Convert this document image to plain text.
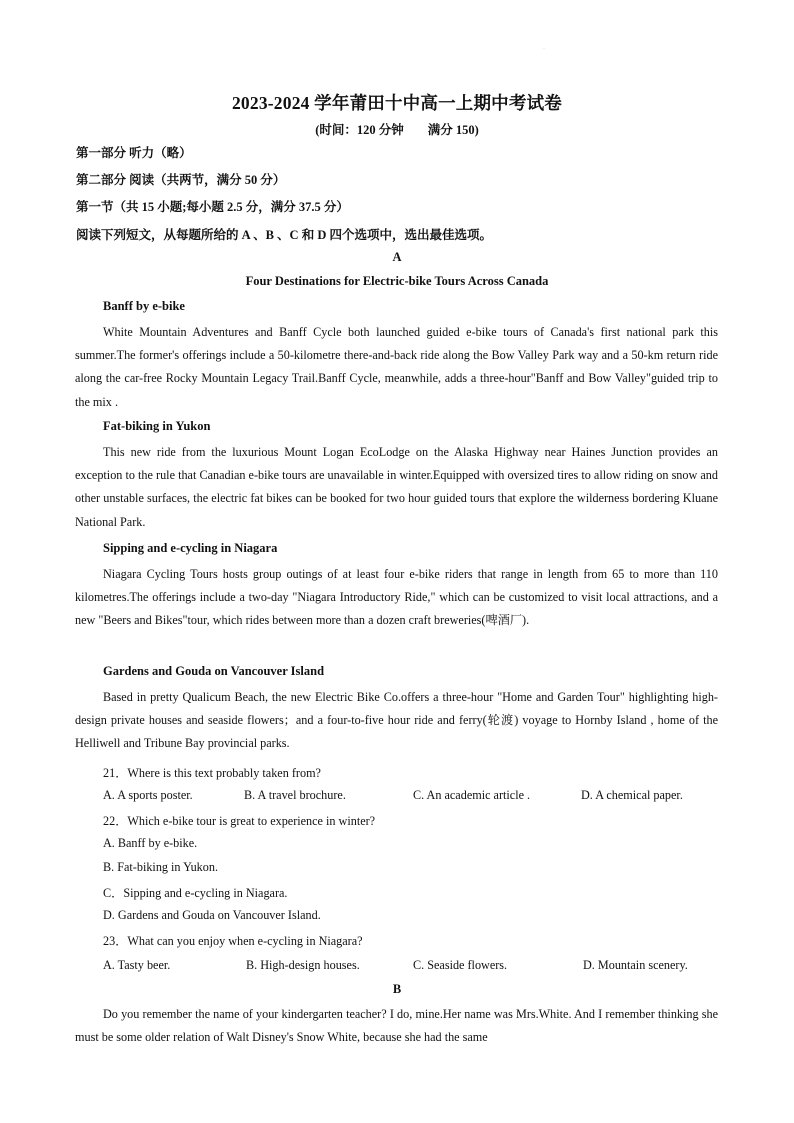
·
2023-2024 学年莆田十中高一上期中考试卷
(时间：120 分钟 满分 150)
第一部分 听力（略）
第二部分 阅读（共两节，满分 50 分）
第一节（共 15 小题;每小题 2.5 分，满分 37.5 分）
阅读下列短文，从每题所给的 A 、B 、C 和 D 四个选项中，选出最佳选项。
A
Four Destinations for Electric-bike Tours Across Canada
Banff by e-bike
White Mountain Adventures and Banff Cycle both launched guided e-bike tours of Canada's first national park this summer.The former's offerings include a 50-kilometre there-and-back ride along the Bow Valley Park way and a 50-km return ride along the car-free Rocky Mountain Legacy Trail.Banff Cycle, meanwhile, adds a three-hour"Banff and Bow Valley"guided trip to the mix .
Fat-biking in Yukon
This new ride from the luxurious Mount Logan EcoLodge on the Alaska Highway near Haines Junction provides an exception to the rule that Canadian e-bike tours are unavailable in winter.Equipped with oversized tires to allow riding on snow and other unstable surfaces, the electric fat bikes can be booked for two hour guided tours that explore the wilderness bordering Kluane National Park.
Sipping and e-cycling in Niagara
Niagara Cycling Tours hosts group outings of at least four e-bike riders that range in length from 65 to more than 110 kilometres.The offerings include a two-day "Niagara Introductory Ride," which can be customized to visit local attractions, and a new "Beers and Bikes"tour, which rides between more than a dozen craft breweries(啤酒厂).
Gardens and Gouda on Vancouver Island
Based in pretty Qualicum Beach, the new Electric Bike Co.offers a three-hour "Home and Garden Tour" highlighting high-design private houses and seaside flowers；and a four-to-five hour ride and ferry(轮渡) voyage to Hornby Island , home of the Helliwell and Tribune Bay provincial parks.
21．Where is this text probably taken from?
A. A sports poster.	B. A travel brochure.	C. An academic article .	D. A chemical paper.
22．Which e-bike tour is great to experience in winter?
A. Banff by e-bike.
B. Fat-biking in Yukon.
C．Sipping and e-cycling in Niagara.
D. Gardens and Gouda on Vancouver Island.
23．What can you enjoy when e-cycling in Niagara?
A. Tasty beer.	B. High-design houses.	C. Seaside flowers.	D. Mountain scenery.
B
Do you remember the name of your kindergarten teacher? I do, mine.Her name was Mrs.White. And I remember thinking she must be some older relation of Walt Disney's Snow White, because she had the same
